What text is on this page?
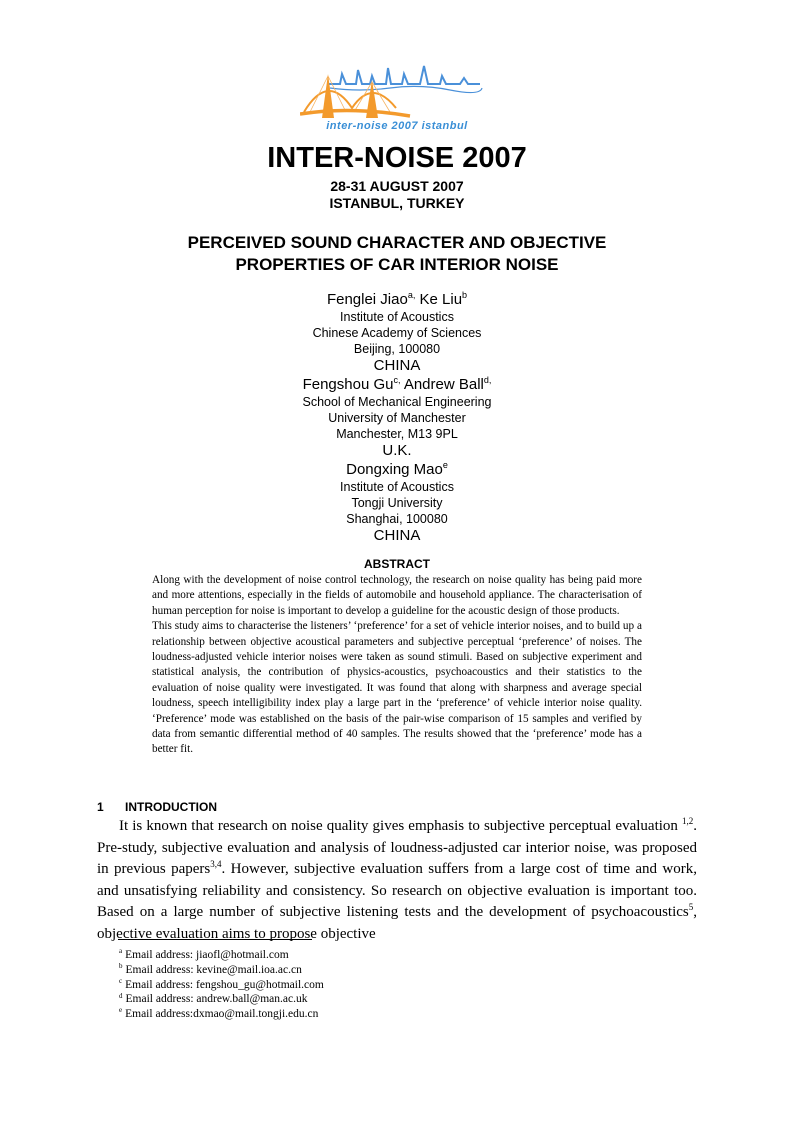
inter-noise 2007 istanbul
INTER-NOISE 2007
28-31 AUGUST 2007
ISTANBUL, TURKEY
PERCEIVED SOUND CHARACTER AND OBJECTIVE
PROPERTIES OF CAR INTERIOR NOISE
Fenglei Jiao$^{a,}$ Ke Liu$^b$
Institute of Acoustics
Chinese Academy of Sciences
Beijing, 100080
CHINA
Fengshou $Gu^{c,}$ Andrew Ball$^{d,}$
School of Mechanical Engineering
University of Manchester
Manchester, M13 9PL
U.K.
Dongxing Mao$^e$
Institute of Acoustics
Tongji University
Shanghai, 100080
CHINA
ABSTRACT

Along with the development of noise control technology, the research on noise quality has being paid more and more attentions, especially in the fields of automobile and household appliance. The characterisation of human perception for noise is important to develop a guideline for the acoustic design of those products.

This study aims to characterise the listeners’ ‘preference’ for a set of vehicle interior noises, and to build up a relationship between objective acoustical parameters and subjective perceptual ‘preference’ of noises. The loudness-adjusted vehicle interior noises were taken as sound stimuli. Based on subjective experiment and statistical analysis, the contribution of physics-acoustics, psychoacoustics and their statistics to the evaluation of noise quality were investigated. It was found that along with sharpness and average special loudness, speech intelligibility index play a large part in the ‘preference’ of vehicle interior noise quality. ‘Preference’ mode was established on the basis of the pair-wise comparison of 15 samples and verified by data from semantic differential method of 40 samples. The results showed that the ‘preference’ mode has a better fit.

1 INTRODUCTION

It is known that research on noise quality gives emphasis to subjective perceptual evaluation $^{1,2}$. Pre-study, subjective evaluation and analysis of loudness-adjusted car interior noise, was proposed in previous papers$^{3,4}$. However, subjective evaluation suffers from a large cost of time and work, and unsatisfying reliability and consistency. So research on objective evaluation is important too. Based on a large number of subjective listening tests and the development of psychoacoustics$^5$, objective evaluation aims to propose objective

$^a$ Email address: jiaofl@hotmail.com
$^b$ Email address: kevine@mail.ioa.ac.cn
$^c$ Email address: fengshou_gu@hotmail.com
$^d$ Email address: andrew.ball@man.ac.uk
$^e$ Email address:dxmao@mail.tongji.edu.cn
